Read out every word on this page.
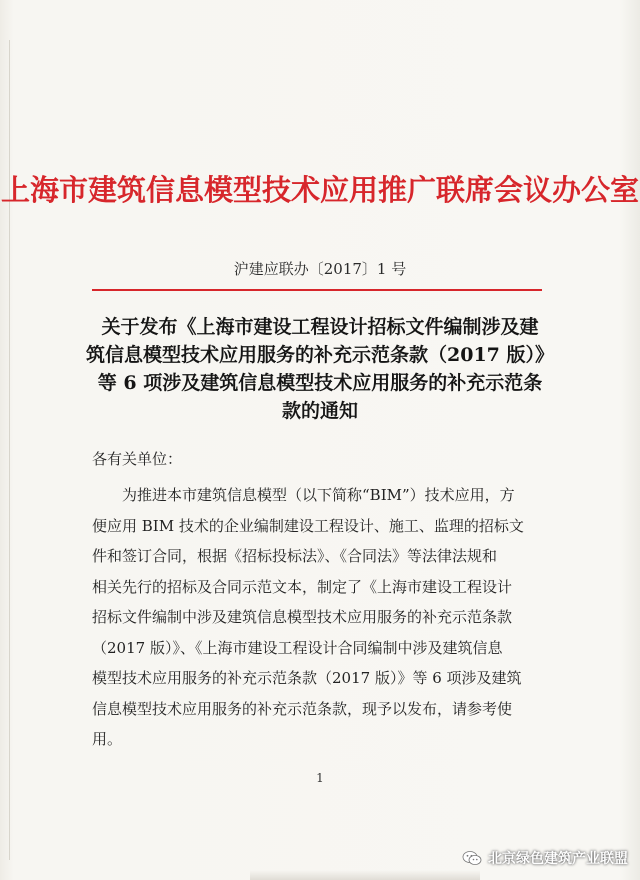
上海市建筑信息模型技术应用推广联席会议办公室
沪建应联办〔2017〕1 号
关于发布《上海市建设工程设计招标文件编制涉及建
筑信息模型技术应用服务的补充示范条款（2017 版）》
等 6 项涉及建筑信息模型技术应用服务的补充示范条
款的通知
各有关单位：
为推进本市建筑信息模型（以下简称“BIM”）技术应用，方
便应用 BIM 技术的企业编制建设工程设计、施工、监理的招标文
件和签订合同，根据《招标投标法》、《合同法》等法律法规和
相关先行的招标及合同示范文本，制定了《上海市建设工程设计
招标文件编制中涉及建筑信息模型技术应用服务的补充示范条款
（2017 版）》、《上海市建设工程设计合同编制中涉及建筑信息
模型技术应用服务的补充示范条款（2017 版）》等 6 项涉及建筑
信息模型技术应用服务的补充示范条款，现予以发布，请参考使
用。
1
北京绿色建筑产业联盟
